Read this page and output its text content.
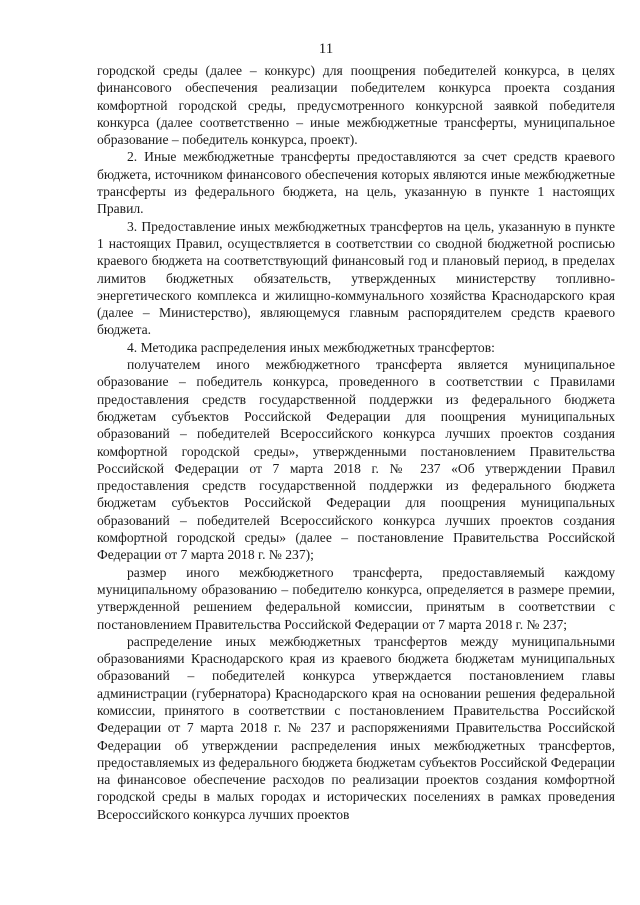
11

городской среды (далее – конкурс) для поощрения победителей конкурса, в целях финансового обеспечения реализации победителем конкурса проекта создания комфортной городской среды, предусмотренного конкурсной заявкой победителя конкурса (далее соответственно – иные межбюджетные трансферты, муниципальное образование – победитель конкурса, проект).

2. Иные межбюджетные трансферты предоставляются за счет средств краевого бюджета, источником финансового обеспечения которых являются иные межбюджетные трансферты из федерального бюджета, на цель, указанную в пункте 1 настоящих Правил.

3. Предоставление иных межбюджетных трансфертов на цель, указанную в пункте 1 настоящих Правил, осуществляется в соответствии со сводной бюджетной росписью краевого бюджета на соответствующий финансовый год и плановый период, в пределах лимитов бюджетных обязательств, утвержденных министерству топливно-энергетического комплекса и жилищно-коммунального хозяйства Краснодарского края (далее – Министерство), являющемуся главным распорядителем средств краевого бюджета.

4. Методика распределения иных межбюджетных трансфертов:

получателем иного межбюджетного трансферта является муниципальное образование – победитель конкурса, проведенного в соответствии с Правилами предоставления средств государственной поддержки из федерального бюджета бюджетам субъектов Российской Федерации для поощрения муниципальных образований – победителей Всероссийского конкурса лучших проектов создания комфортной городской среды», утвержденными постановлением Правительства Российской Федерации от 7 марта 2018 г. № 237 «Об утверждении Правил предоставления средств государственной поддержки из федерального бюджета бюджетам субъектов Российской Федерации для поощрения муниципальных образований – победителей Всероссийского конкурса лучших проектов создания комфортной городской среды» (далее – постановление Правительства Российской Федерации от 7 марта 2018 г. № 237);

размер иного межбюджетного трансферта, предоставляемый каждому муниципальному образованию – победителю конкурса, определяется в размере премии, утвержденной решением федеральной комиссии, принятым в соответствии с постановлением Правительства Российской Федерации от 7 марта 2018 г. № 237;

распределение иных межбюджетных трансфертов между муниципальными образованиями Краснодарского края из краевого бюджета бюджетам муниципальных образований – победителей конкурса утверждается постановлением главы администрации (губернатора) Краснодарского края на основании решения федеральной комиссии, принятого в соответствии с постановлением Правительства Российской Федерации от 7 марта 2018 г. № 237 и распоряжениями Правительства Российской Федерации об утверждении распределения иных межбюджетных трансфертов, предоставляемых из федерального бюджета бюджетам субъектов Российской Федерации на финансовое обеспечение расходов по реализации проектов создания комфортной городской среды в малых городах и исторических поселениях в рамках проведения Всероссийского конкурса лучших проектов
